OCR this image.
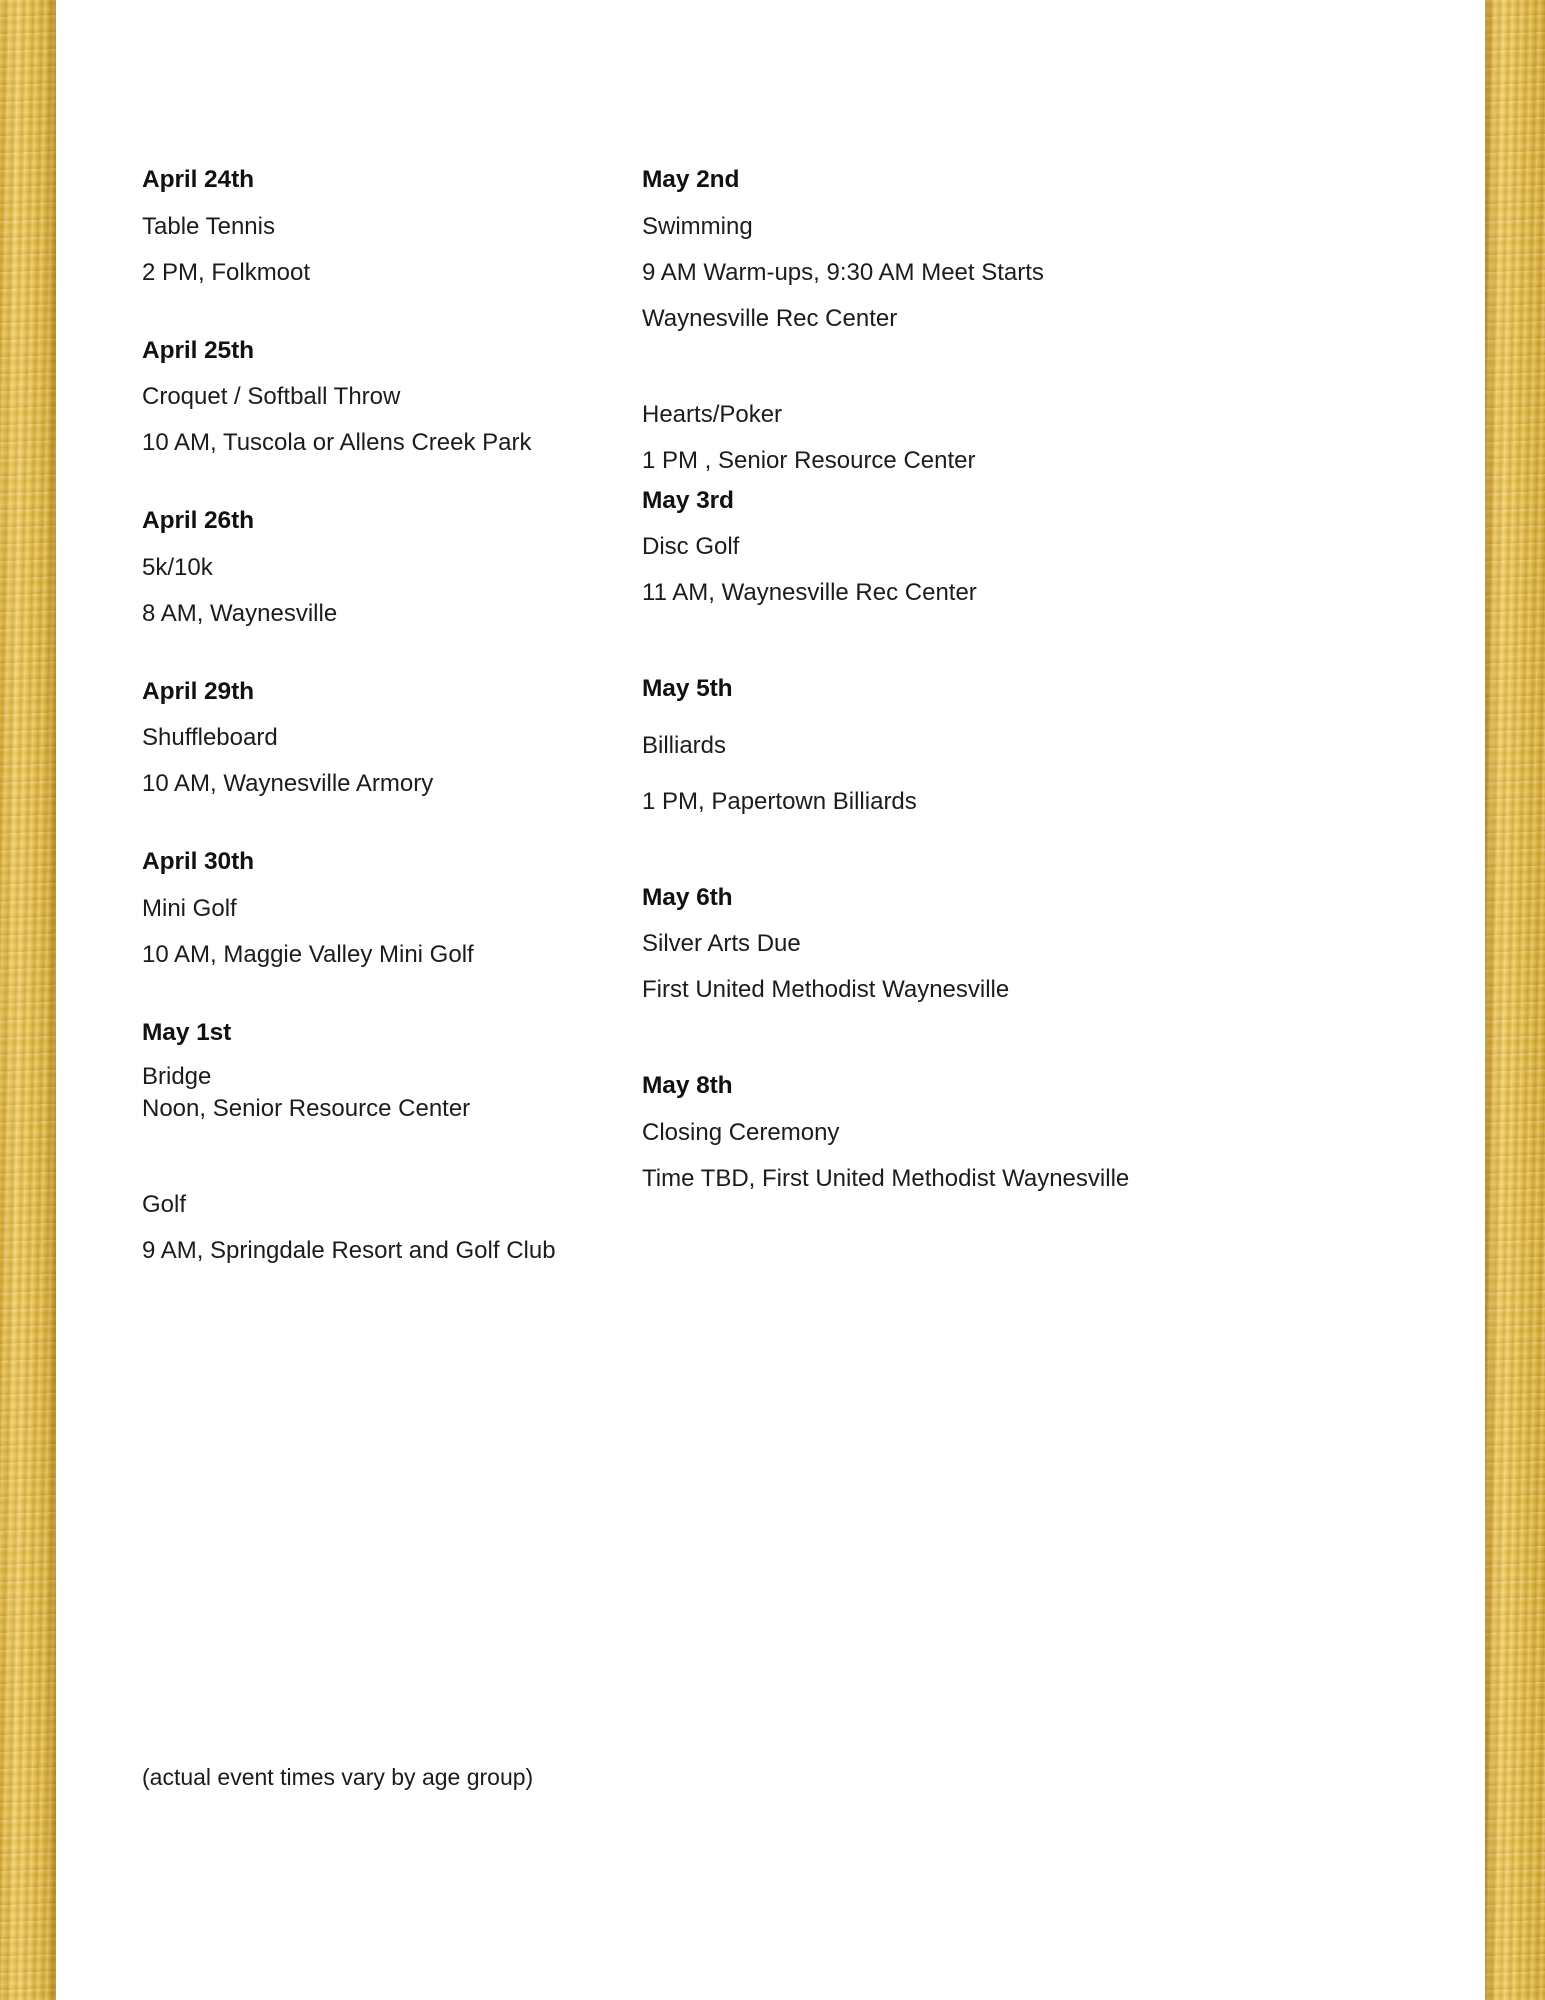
April 24th
Table Tennis
2 PM, Folkmoot
April 25th
Croquet / Softball Throw
10 AM, Tuscola or Allens Creek Park
April 26th
5k/10k
8 AM, Waynesville
April 29th
Shuffleboard
10 AM, Waynesville Armory
April 30th
Mini Golf
10 AM, Maggie Valley Mini Golf
May 1st
Bridge
Noon, Senior Resource Center
Golf
9 AM, Springdale Resort and Golf Club
May 2nd
Swimming
9 AM Warm-ups, 9:30 AM Meet Starts
Waynesville Rec Center
Hearts/Poker
1 PM , Senior Resource Center
May 3rd
Disc Golf
11 AM, Waynesville Rec Center
May 5th
Billiards
1 PM, Papertown Billiards
May 6th
Silver Arts Due
First United Methodist Waynesville
May 8th
Closing Ceremony
Time TBD, First United Methodist Waynesville
(actual event times vary by age group)
